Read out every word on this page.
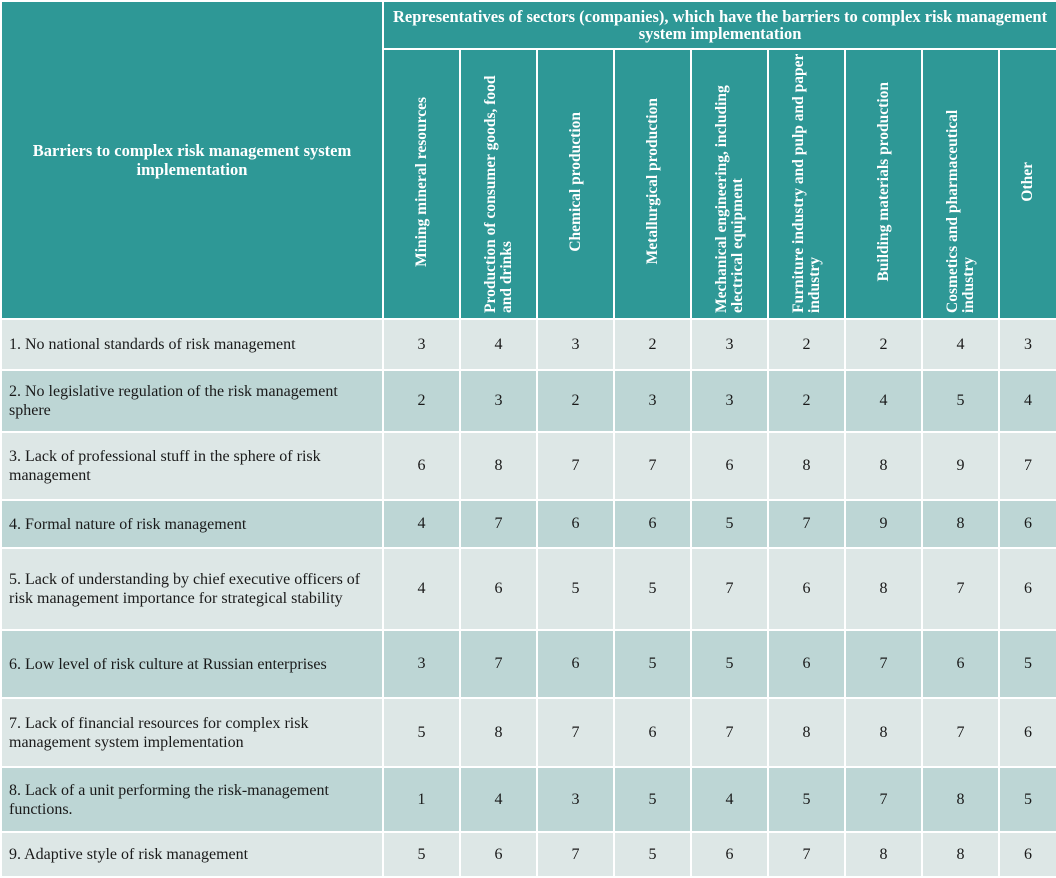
Barriers to complex risk management system implementation	Representatives of sectors (companies), which have the barriers to complex risk management system implementation								
	Mining mineral resources	Production of consumer goods, food and drinks	Chemical production	Metallurgical production	Mechanical engineering, including electrical equipment	Furniture industry and pulp and paper industry	Building materials production	Cosmetics and pharmaceutical industry	Other
1. No national standards of risk management	3	4	3	2	3	2	2	4	3
2. No legislative regulation of the risk management sphere	2	3	2	3	3	2	4	5	4
3. Lack of professional stuff in the sphere of risk management	6	8	7	7	6	8	8	9	7
4. Formal nature of risk management	4	7	6	6	5	7	9	8	6
5. Lack of understanding by chief executive officers of risk management importance for strategical stability	4	6	5	5	7	6	8	7	6
6. Low level of risk culture at Russian enterprises	3	7	6	5	5	6	7	6	5
7. Lack of financial resources for complex risk management system implementation	5	8	7	6	7	8	8	7	6
8. Lack of a unit performing the risk-management functions.	1	4	3	5	4	5	7	8	5
9. Adaptive style of risk management	5	6	7	5	6	7	8	8	6
